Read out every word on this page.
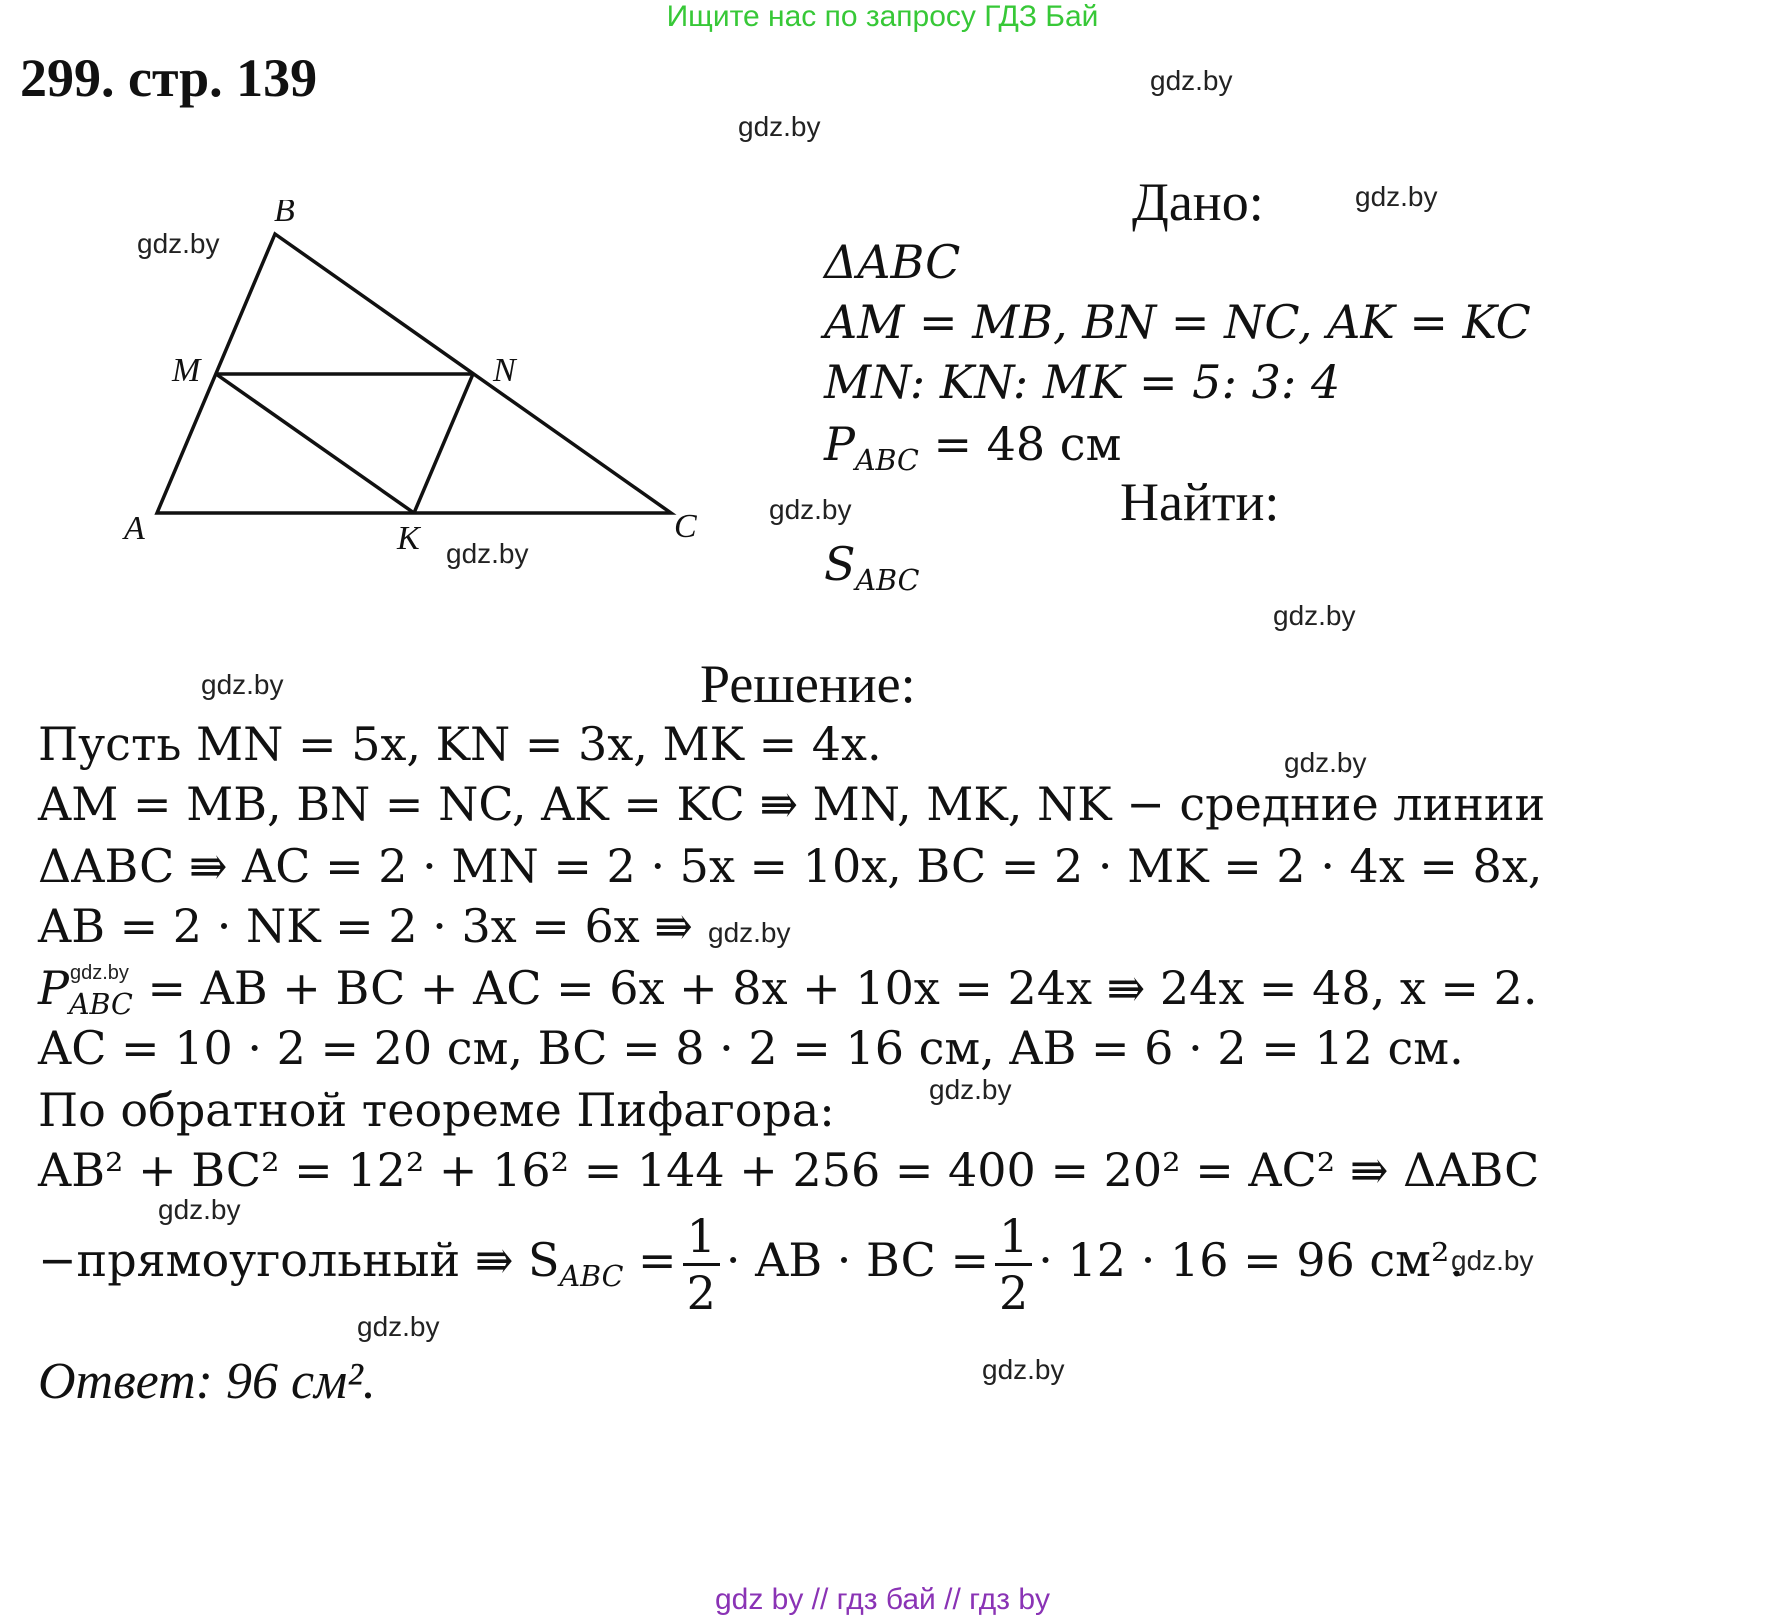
Ищите нас по запросу ГДЗ Бай
299. стр. 139	gdz.by
gdz.by
gdz.by
gdz.by
gdz.by
gdz.by
gdz.by
gdz.by
gdz.by
gdz.by
gdz.by
gdz.by
gdz.by
gdz.by
gdz.by
gdz.by
B
M	N
A	K	C
Дано:
ΔABC
AM = MB, BN = NC, AK = KC
MN: KN: MK = 5: 3: 4
$P_{ABC} = 48$ см
Найти:
$S_{ABC}$
Решение:
Пусть MN = 5x, KN = 3x, MK = 4x.
AM = MB, BN = NC, AK = KC ⇛ MN, MK, NK − средние линии
ΔABC ⇛ AC = 2 · MN = 2 · 5x = 10x, BC = 2 · MK = 2 · 4x = 8x,
AB = 2 · NK = 2 · 3x = 6x ⇛
$P_{ABC}$ = AB + BC + AC = 6x + 8x + 10x = 24x ⇛ 24x = 48, x = 2.
AC = 10 · 2 = 20 см, BC = 8 · 2 = 16 см, AB = 6 · 2 = 12 см.
По обратной теореме Пифагора:
AB² + BC² = 12² + 16² = 144 + 256 = 400 = 20² = AC² ⇛ ΔABC
−прямоугольный ⇛ $S_{ABC} = \frac{1}{2}$ · AB · BC = $\frac{1}{2} \cdot 12 \cdot 16 = 96$ см².
Ответ: 96 см².
gdz by // гдз бай // гдз by
